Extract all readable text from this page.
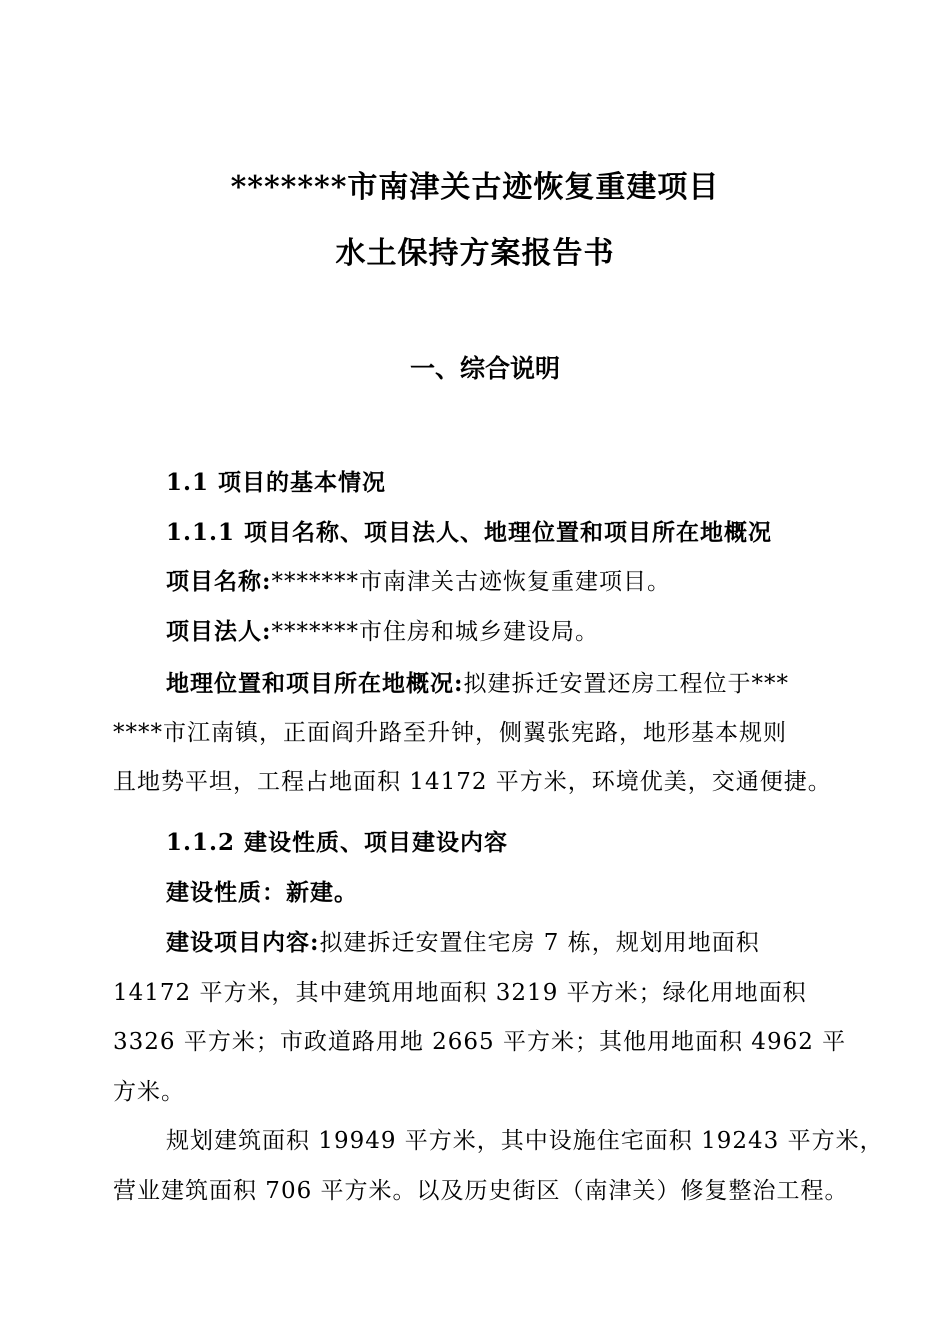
*******市南津关古迹恢复重建项目
水土保持方案报告书
一、综合说明
1.1 项目的基本情况
1.1.1 项目名称、项目法人、地理位置和项目所在地概况
项目名称:*******市南津关古迹恢复重建项目。
项目法人:*******市住房和城乡建设局。
地理位置和项目所在地概况:拟建拆迁安置还房工程位于***
****市江南镇，正面阎升路至升钟，侧翼张宪路，地形基本规则
且地势平坦，工程占地面积 14172 平方米，环境优美，交通便捷。
1.1.2 建设性质、项目建设内容
建设性质：新建。
建设项目内容:拟建拆迁安置住宅房 7 栋，规划用地面积
14172 平方米，其中建筑用地面积 3219 平方米；绿化用地面积
3326 平方米；市政道路用地 2665 平方米；其他用地面积 4962 平
方米。
规划建筑面积 19949 平方米，其中设施住宅面积 19243 平方米，
营业建筑面积 706 平方米。以及历史街区（南津关）修复整治工程。
